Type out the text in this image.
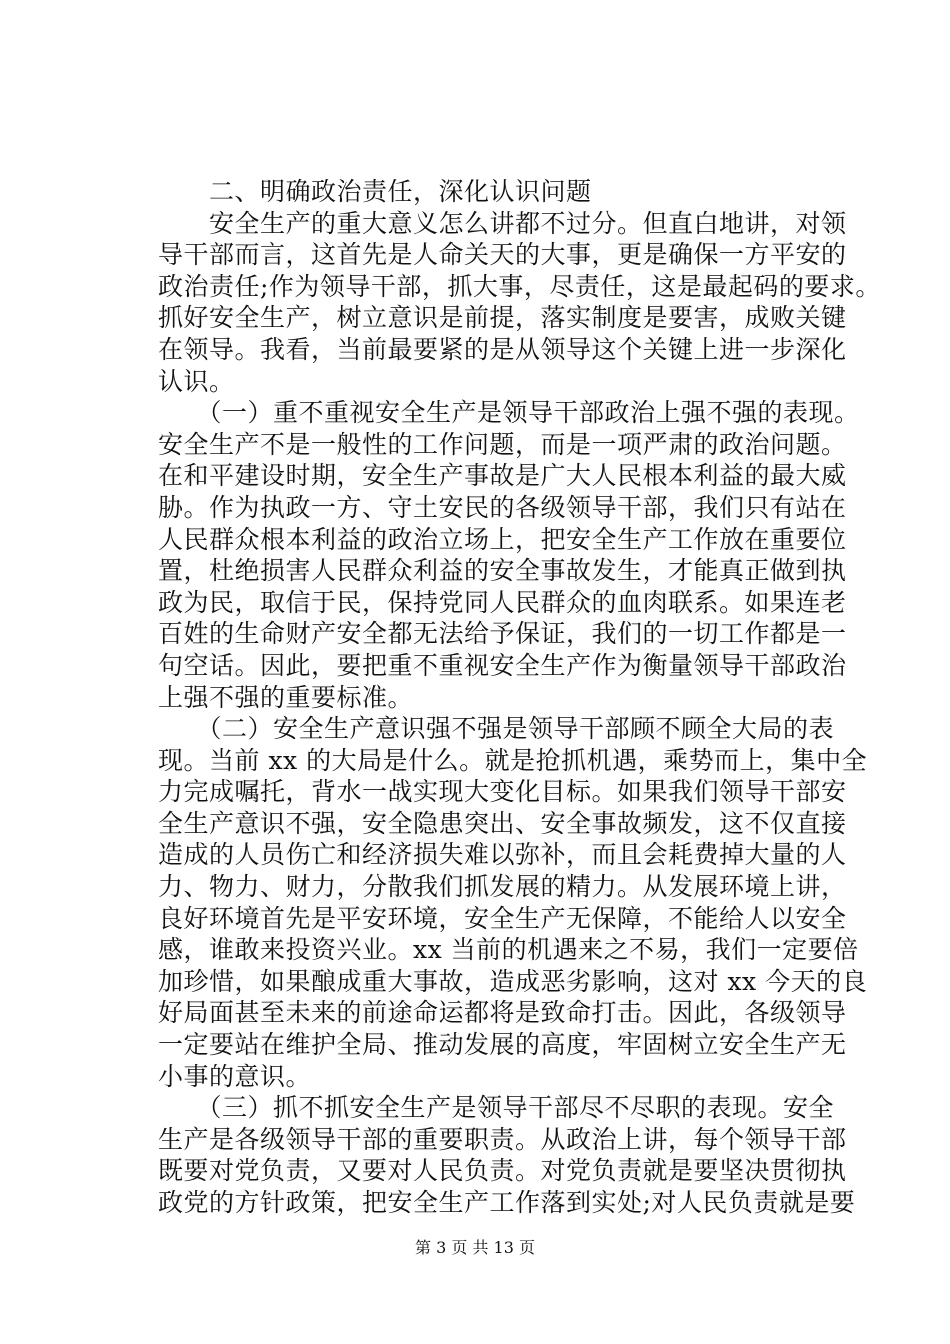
　　二、明确政治责任，深化认识问题
　　安全生产的重大意义怎么讲都不过分。但直白地讲，对领
导干部而言，这首先是人命关天的大事，更是确保一方平安的
政治责任;作为领导干部，抓大事，尽责任，这是最起码的要求。
抓好安全生产，树立意识是前提，落实制度是要害，成败关键
在领导。我看，当前最要紧的是从领导这个关键上进一步深化
认识。
　　（一）重不重视安全生产是领导干部政治上强不强的表现。
安全生产不是一般性的工作问题，而是一项严肃的政治问题。
在和平建设时期，安全生产事故是广大人民根本利益的最大威
胁。作为执政一方、守土安民的各级领导干部，我们只有站在
人民群众根本利益的政治立场上，把安全生产工作放在重要位
置，杜绝损害人民群众利益的安全事故发生，才能真正做到执
政为民，取信于民，保持党同人民群众的血肉联系。如果连老
百姓的生命财产安全都无法给予保证，我们的一切工作都是一
句空话。因此，要把重不重视安全生产作为衡量领导干部政治
上强不强的重要标准。
　　（二）安全生产意识强不强是领导干部顾不顾全大局的表
现。当前 xx 的大局是什么。就是抢抓机遇，乘势而上，集中全
力完成嘱托，背水一战实现大变化目标。如果我们领导干部安
全生产意识不强，安全隐患突出、安全事故频发，这不仅直接
造成的人员伤亡和经济损失难以弥补，而且会耗费掉大量的人
力、物力、财力，分散我们抓发展的精力。从发展环境上讲，
良好环境首先是平安环境，安全生产无保障，不能给人以安全
感，谁敢来投资兴业。xx 当前的机遇来之不易，我们一定要倍
加珍惜，如果酿成重大事故，造成恶劣影响，这对 xx 今天的良
好局面甚至未来的前途命运都将是致命打击。因此，各级领导
一定要站在维护全局、推动发展的高度，牢固树立安全生产无
小事的意识。
　　（三）抓不抓安全生产是领导干部尽不尽职的表现。安全
生产是各级领导干部的重要职责。从政治上讲，每个领导干部
既要对党负责，又要对人民负责。对党负责就是要坚决贯彻执
政党的方针政策，把安全生产工作落到实处;对人民负责就是要
第 3 页 共 13 页
